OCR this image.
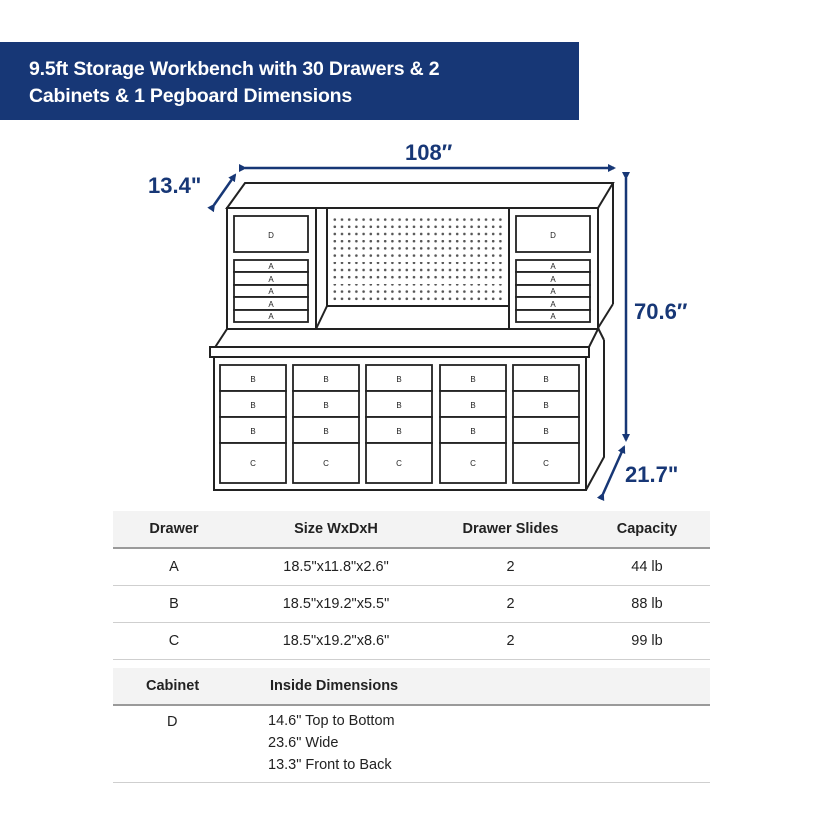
9.5ft Storage Workbench with 30 Drawers & 2
Cabinets & 1 Pegboard Dimensions
D
A
A
A
A
A
D
A
A
A
A
A
B
B
B
C
B
B
B
C
B
B
B
C
B
B
B
C
B
B
B
C
108″
13.4"
70.6″
21.7"
Drawer	Size WxDxH	Drawer Slides	Capacity
A	18.5"x11.8"x2.6"	2	44 lb
B	18.5"x19.2"x5.5"	2	88 lb
C	18.5"x19.2"x8.6"	2	99 lb
Cabinet	Inside Dimensions
D	14.6" Top to Bottom
23.6" Wide
13.3" Front to Back
